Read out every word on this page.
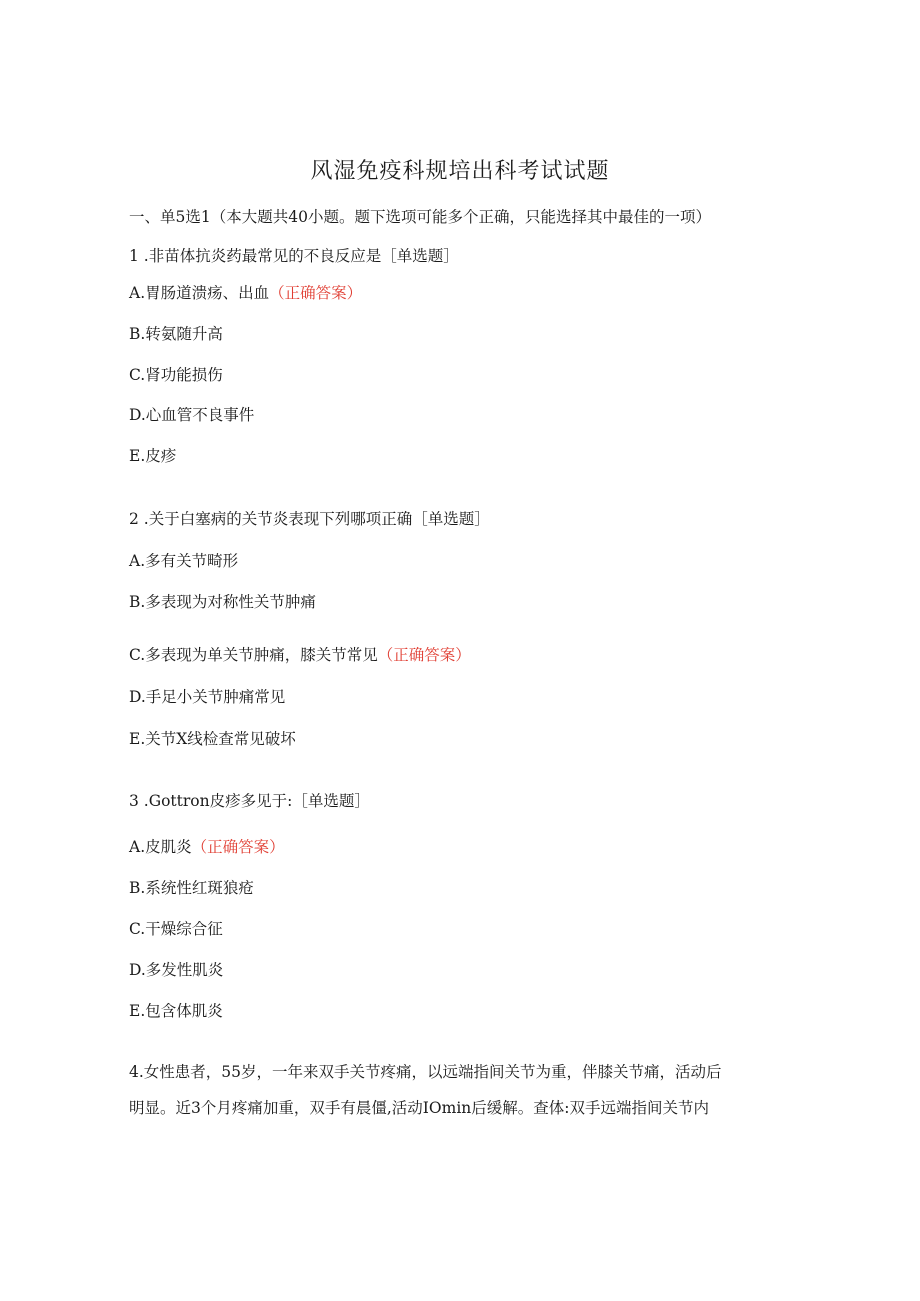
风湿免疫科规培出科考试试题
一、单5选1（本大题共40小题。题下选项可能多个正确，只能选择其中最佳的一项）
1 .非苗体抗炎药最常见的不良反应是［单选题］
A.胃肠道溃疡、出血（正确答案）
B.转氨随升高
C.肾功能损伤
D.心血管不良事件
E.皮疹
2 .关于白塞病的关节炎表现下列哪项正确［单选题］
A.多有关节畸形
B.多表现为对称性关节肿痛
C.多表现为单关节肿痛，膝关节常见（正确答案）
D.手足小关节肿痛常见
E.关节X线检查常见破坏
3 .Gottron皮疹多见于:［单选题］
A.皮肌炎（正确答案）
B.系统性红斑狼疮
C.干燥综合征
D.多发性肌炎
E.包含体肌炎
4.女性患者，55岁，一年来双手关节疼痛，以远端指间关节为重，伴膝关节痛，活动后
明显。近3个月疼痛加重，双手有晨僵,活动IOmin后缓解。查体:双手远端指间关节内
